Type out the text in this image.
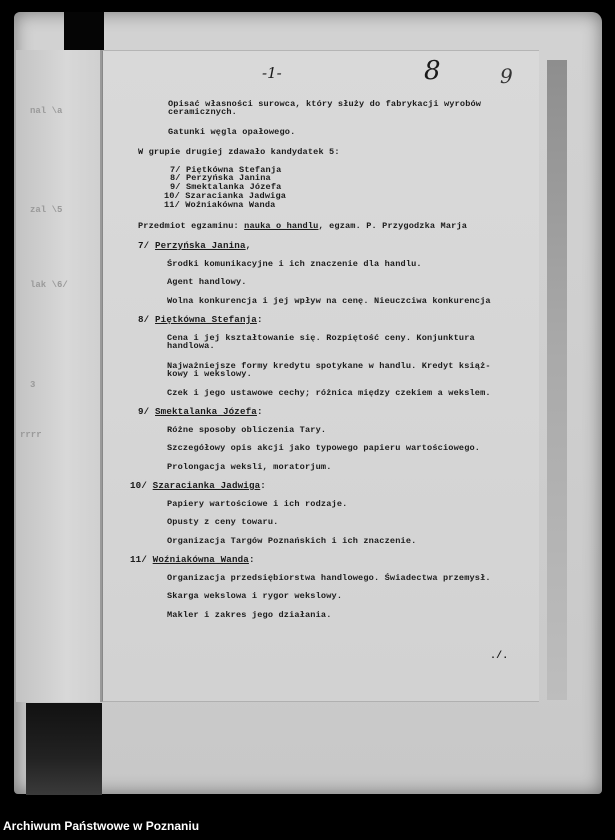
nal \a
zal \5
lak \6/
3
rrrr
-1-	8	9
Opisać własności surowca, który służy do fabrykacji wyrobów
ceramicznych.
Gatunki węgla opałowego.
W grupie drugiej zdawało kandydatek 5:
7/ Piętkówna Stefanja
8/ Perzyńska Janina
9/ Smektalanka Józefa
10/ Szaracianka Jadwiga
11/ Woźniakówna Wanda
Przedmiot egzaminu: nauka o handlu, egzam. P. Przygodzka Marja
7/ Perzyńska Janina,
Środki komunikacyjne i ich znaczenie dla handlu.
Agent handlowy.
Wolna konkurencja i jej wpływ na cenę. Nieuczciwa konkurencja
8/ Piętkówna Stefanja:
Cena i jej kształtowanie się. Rozpiętość ceny. Konjunktura
handlowa.
Najważniejsze formy kredytu spotykane w handlu. Kredyt książ-
kowy i wekslowy.
Czek i jego ustawowe cechy; różnica między czekiem a wekslem.
9/ Smektalanka Józefa:
Różne sposoby obliczenia Tary.
Szczegółowy opis akcji jako typowego papieru wartościowego.
Prolongacja weksli, moratorjum.
10/ Szaracianka Jadwiga:
Papiery wartościowe i ich rodzaje.
Opusty z ceny towaru.
Organizacja Targów Poznańskich i ich znaczenie.
11/ Woźniakówna Wanda:
Organizacja przedsiębiorstwa handlowego. Świadectwa przemysł.
Skarga wekslowa i rygor wekslowy.
Makler i zakres jego działania.
./.
Archiwum Państwowe w Poznaniu
